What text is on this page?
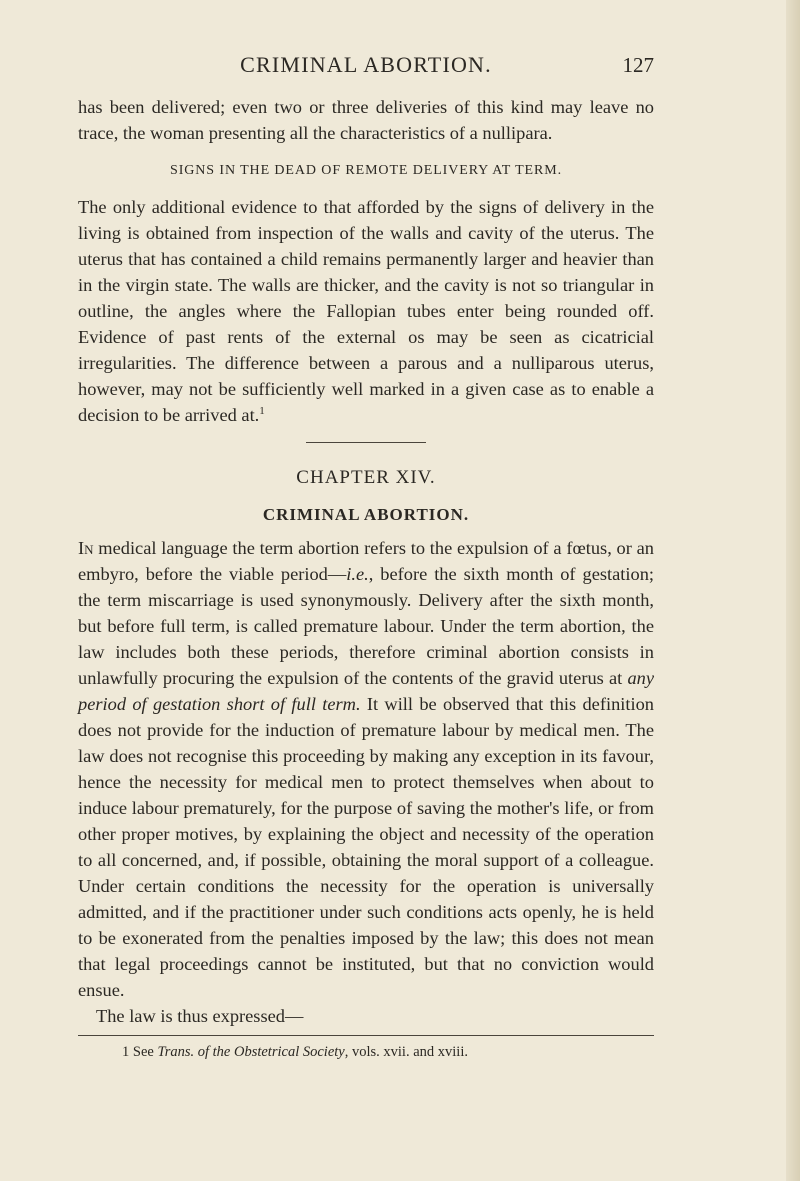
CRIMINAL ABORTION.	127

has been delivered; even two or three deliveries of this kind may leave no trace, the woman presenting all the characteristics of a nullipara.

SIGNS IN THE DEAD OF REMOTE DELIVERY AT TERM.

The only additional evidence to that afforded by the signs of delivery in the living is obtained from inspection of the walls and cavity of the uterus. The uterus that has contained a child remains permanently larger and heavier than in the virgin state. The walls are thicker, and the cavity is not so triangular in outline, the angles where the Fallopian tubes enter being rounded off. Evidence of past rents of the external os may be seen as cicatricial irregularities. The difference between a parous and a nulliparous uterus, however, may not be sufficiently well marked in a given case as to enable a decision to be arrived at.$^1$

CHAPTER XIV.
CRIMINAL ABORTION.

In medical language the term abortion refers to the expulsion of a fœtus, or an embyro, before the viable period—i.e., before the sixth month of gestation; the term miscarriage is used synonymously. Delivery after the sixth month, but before full term, is called premature labour. Under the term abortion, the law includes both these periods, therefore criminal abortion consists in unlawfully procuring the expulsion of the contents of the gravid uterus at any period of gestation short of full term. It will be observed that this definition does not provide for the induction of premature labour by medical men. The law does not recognise this proceeding by making any exception in its favour, hence the necessity for medical men to protect themselves when about to induce labour prematurely, for the purpose of saving the mother's life, or from other proper motives, by explaining the object and necessity of the operation to all concerned, and, if possible, obtaining the moral support of a colleague. Under certain conditions the necessity for the operation is universally admitted, and if the practitioner under such conditions acts openly, he is held to be exonerated from the penalties imposed by the law; this does not mean that legal proceedings cannot be instituted, but that no conviction would ensue.

The law is thus expressed—

1 See Trans. of the Obstetrical Society, vols. xvii. and xviii.
